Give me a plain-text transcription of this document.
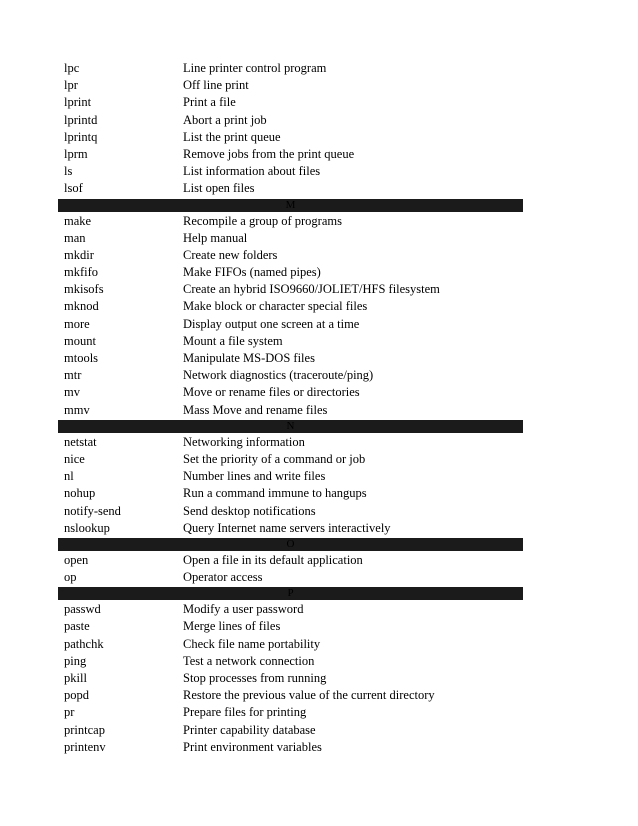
lpc	Line printer control program
lpr	Off line print
lprint	Print a file
lprintd	Abort a print job
lprintq	List the print queue
lprm	Remove jobs from the print queue
ls	List information about files
lsof	List open files
M
make	Recompile a group of programs
man	Help manual
mkdir	Create new folders
mkfifo	Make FIFOs (named pipes)
mkisofs	Create an hybrid ISO9660/JOLIET/HFS filesystem
mknod	Make block or character special files
more	Display output one screen at a time
mount	Mount a file system
mtools	Manipulate MS-DOS files
mtr	Network diagnostics (traceroute/ping)
mv	Move or rename files or directories
mmv	Mass Move and rename files
N
netstat	Networking information
nice	Set the priority of a command or job
nl	Number lines and write files
nohup	Run a command immune to hangups
notify-send	Send desktop notifications
nslookup	Query Internet name servers interactively
O
open	Open a file in its default application
op	Operator access
P
passwd	Modify a user password
paste	Merge lines of files
pathchk	Check file name portability
ping	Test a network connection
pkill	Stop processes from running
popd	Restore the previous value of the current directory
pr	Prepare files for printing
printcap	Printer capability database
printenv	Print environment variables
